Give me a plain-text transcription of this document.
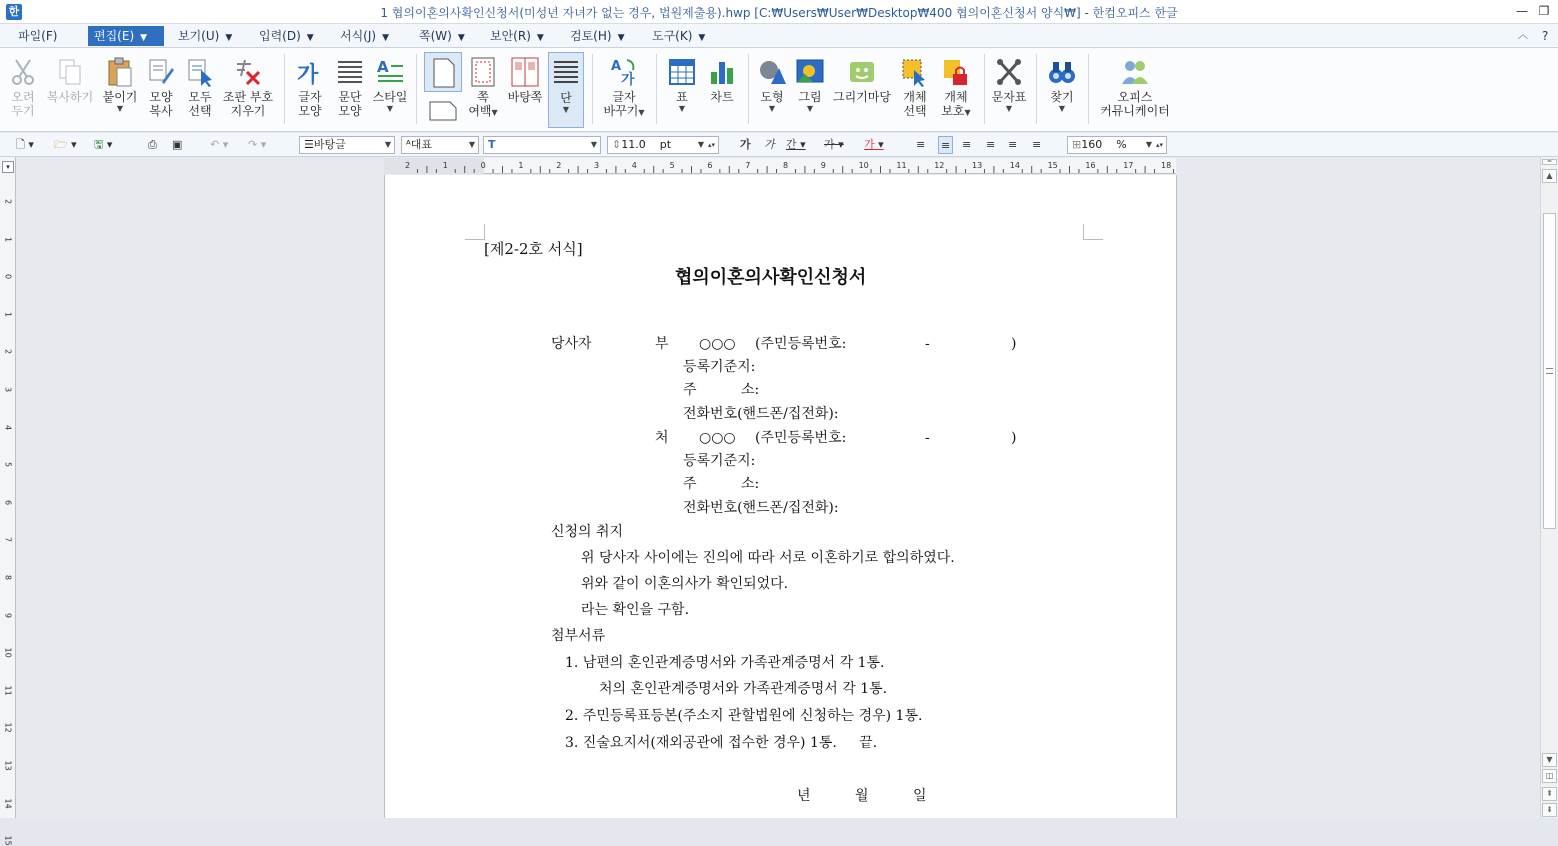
한	1 협의이혼의사확인신청서(미성년 자녀가 없는 경우, 법원제출용).hwp [C:₩Users₩User₩Desktop₩400 협의이혼신청서 양식₩] - 한컴오피스 한글	— ❐
파일(F)	편집(E) ▼	보기(U) ▼	입력(D) ▼	서식(J) ▼	쪽(W) ▼	보안(R) ▼	검토(H) ▼	도구(K) ▼	︿	?
오려
두기
복사하기 붙이기
▼
모양
복사
모두
선택
조판 부호
지우기
가
글자
모양
문단
모양
A
스타일
▼
쪽
여백▼
바탕쪽	단
▼
A
가
글자
바꾸기▼
표
▼
차트	도형
▼
그림
▼
그리기마당	개체
선택
개체
보호▼
문자표
▼
찾기
▼
오피스
커뮤니케이터
🗋 ▾ 🗁 ▾ 🖫 ▾	⎙ ▣	↶ ▾ ↷ ▾	☰바탕글	▼	ᴬ대표	▼	T	▼	⇕11.0 pt	▼ ▴▾ 가 가 간 ▾ 가 ▾ 가 ▾	≡ ≡ ≡ ≡ ≡ ≡	⊞160 % ▼ ▴▾
2
1
0
1
2
3
4
5
6
7
8
9
10
11
12
13
14
15
▾	2	1	0	1	2	3	4	5	6	7	8	9	10	11	12	13	14	15	16	17	18
[제2-2호 서식]
협의이혼의사확인신청서
당사자	부 ○○○ (주민등록번호:	-	)
등록기준지:
주          소:
전화번호(핸드폰/집전화):
처 ○○○ (주민등록번호:	-	)
등록기준지:
주          소:
전화번호(핸드폰/집전화):
신청의 취지
위 당사자 사이에는 진의에 따라 서로 이혼하기로 합의하였다.
위와 같이 이혼의사가 확인되었다.
라는 확인을 구함.
첨부서류
1. 남편의 혼인관계증명서와 가족관계증명서 각 1통.
처의 혼인관계증명서와 가족관계증명서 각 1통.
2. 주민등록표등본(주소지 관할법원에 신청하는 경우) 1통.
3. 진술요지서(재외공관에 접수한 경우) 1통.     끝.
년          월          일
═
▲
▼
◫
⇞
⇟
